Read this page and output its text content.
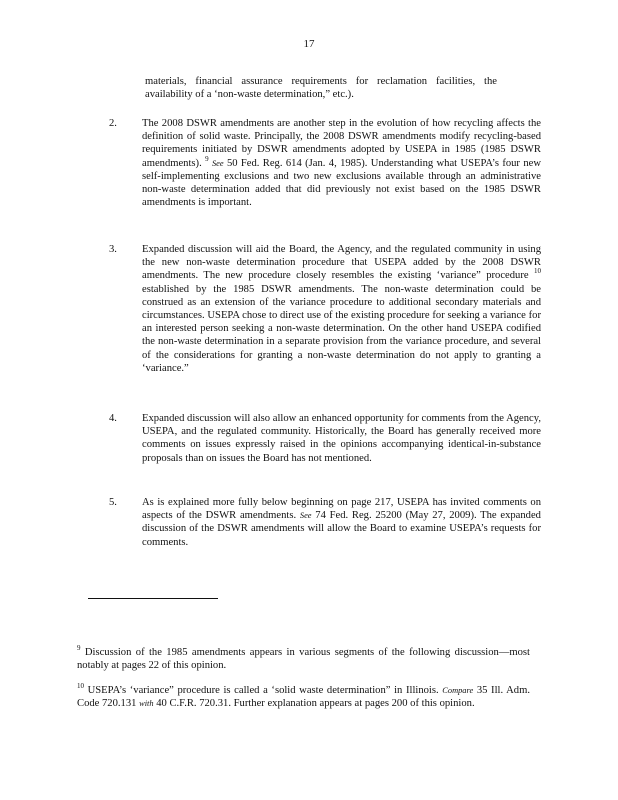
17
materials, financial assurance requirements for reclamation facilities, the availability of a ‘non-waste determination,” etc.).
2. The 2008 DSWR amendments are another step in the evolution of how recycling affects the definition of solid waste. Principally, the 2008 DSWR amendments modify recycling-based requirements initiated by DSWR amendments adopted by USEPA in 1985 (1985 DSWR amendments). $^9$ See 50 Fed. Reg. 614 (Jan. 4, 1985). Understanding what USEPA’s four new self-implementing exclusions and two new exclusions available through an administrative non-waste determination added that did previously not exist based on the 1985 DSWR amendments is important.
3. Expanded discussion will aid the Board, the Agency, and the regulated community in using the new non-waste determination procedure that USEPA added by the 2008 DSWR amendments. The new procedure closely resembles the existing ‘variance” procedure $^{10}$ established by the 1985 DSWR amendments. The non-waste determination could be construed as an extension of the variance procedure to additional secondary materials and circumstances. USEPA chose to direct use of the existing procedure for seeking a variance for an interested person seeking a non-waste determination. On the other hand USEPA codified the non-waste determination in a separate provision from the variance procedure, and several of the considerations for granting a non-waste determination do not apply to granting a ‘variance.”
4. Expanded discussion will also allow an enhanced opportunity for comments from the Agency, USEPA, and the regulated community. Historically, the Board has generally received more comments on issues expressly raised in the opinions accompanying identical-in-substance proposals than on issues the Board has not mentioned.
5. As is explained more fully below beginning on page 217, USEPA has invited comments on aspects of the DSWR amendments. See 74 Fed. Reg. 25200 (May 27, 2009). The expanded discussion of the DSWR amendments will allow the Board to examine USEPA’s requests for comments.
$^9$ Discussion of the 1985 amendments appears in various segments of the following discussion—most notably at pages 22 of this opinion.
$^{10}$ USEPA’s ‘variance” procedure is called a ‘solid waste determination” in Illinois. Compare 35 Ill. Adm. Code 720.131 with 40 C.F.R. 720.31. Further explanation appears at pages 200 of this opinion.
